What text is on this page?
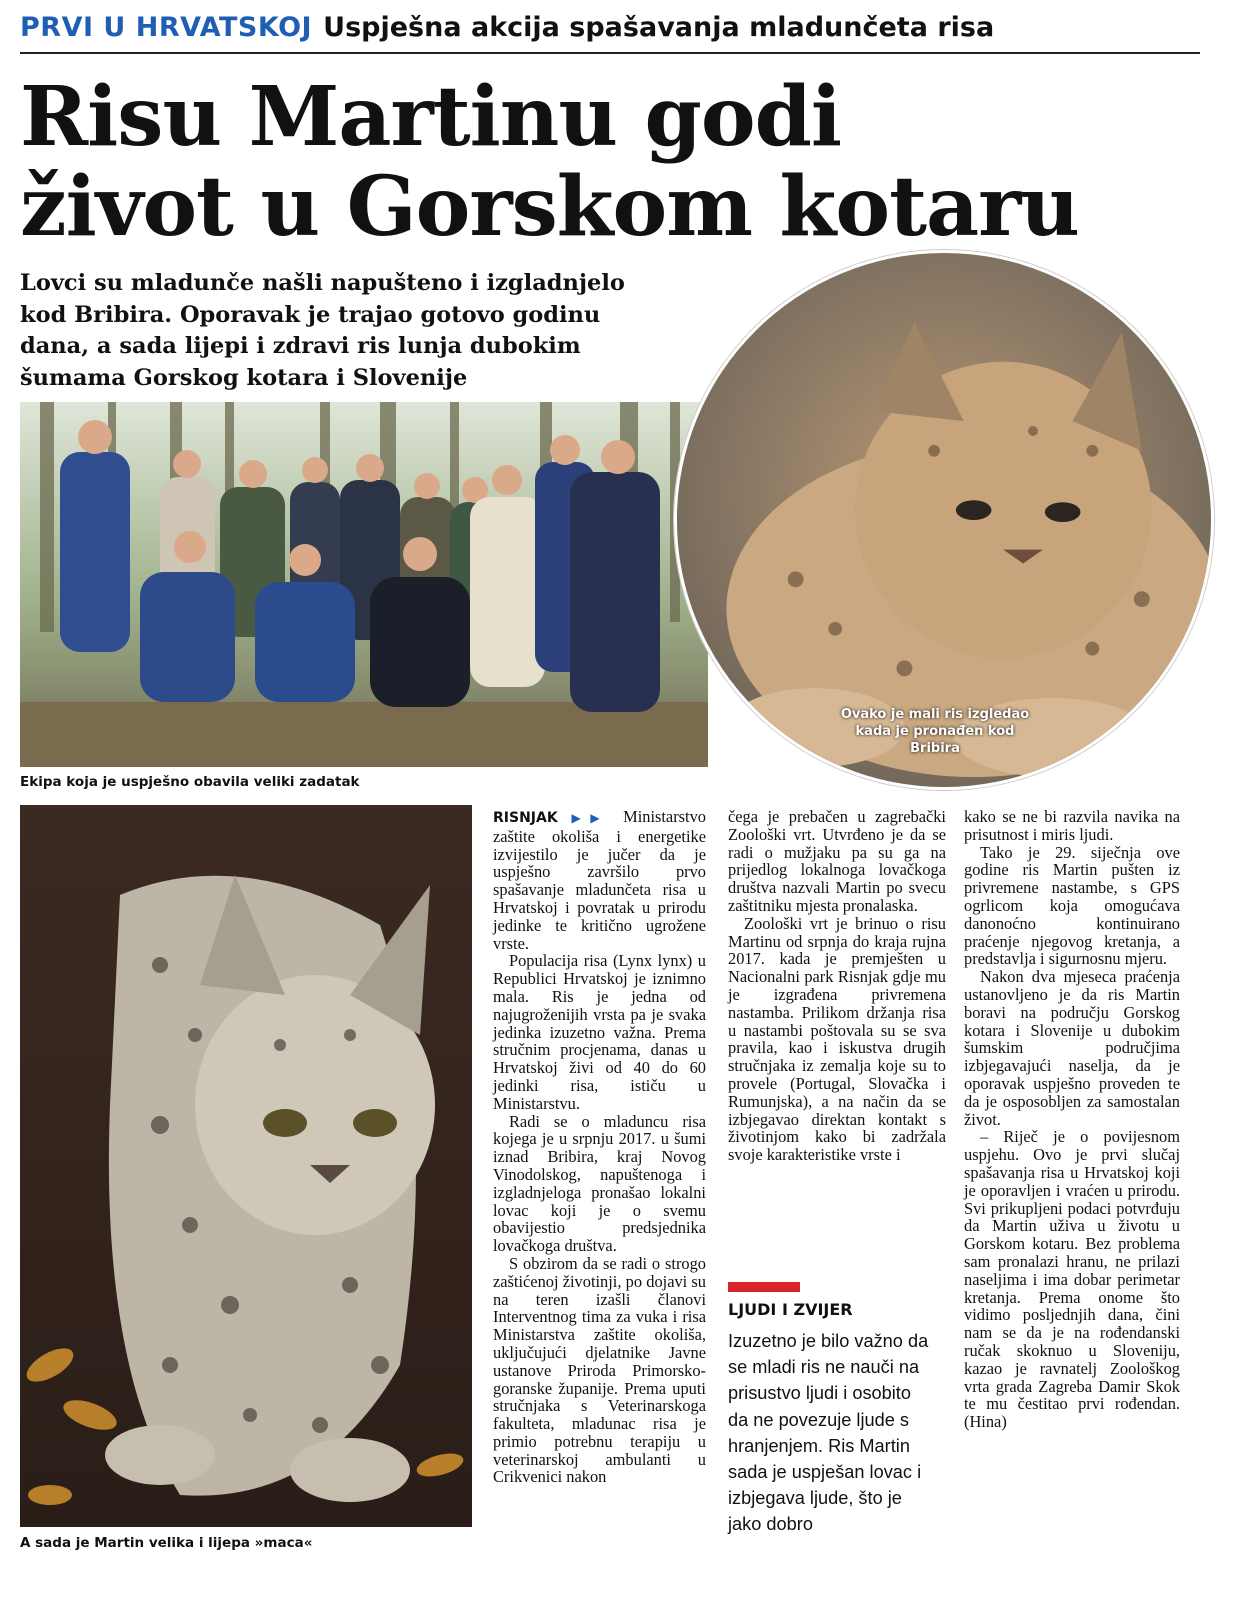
PRVI U HRVATSKOJ Uspješna akcija spašavanja mladunčeta risa
Risu Martinu godi
život u Gorskom kotaru
Lovci su mladunče našli napušteno i izgladnjelo
kod Bribira. Oporavak je trajao gotovo godinu
dana, a sada lijepi i zdravi ris lunja dubokim
šumama Gorskog kotara i Slovenije
Ekipa koja je uspješno obavila veliki zadatak
Ovako je mali ris izgledao kada je pronađen kod Bribira
A sada je Martin velika i lijepa »maca«

RISNJAK ▶▶ Ministarstvo zaštite okoliša i energetike izvijestilo je jučer da je uspješno završilo prvo spašavanje mladunčeta risa u Hrvatskoj i povratak u prirodu jedinke te kritično ugrožene vrste.

Populacija risa (Lynx lynx) u Republici Hrvatskoj je iznimno mala. Ris je jedna od najugroženijih vrsta pa je svaka jedinka izuzetno važna. Prema stručnim procjenama, danas u Hrvatskoj živi od 40 do 60 jedinki risa, ističu u Ministarstvu.

Radi se o mladuncu risa kojega je u srpnju 2017. u šumi iznad Bribira, kraj Novog Vinodolskog, napuštenoga i izgladnjeloga pronašao lokalni lovac koji je o svemu obavijestio predsjednika lovačkoga društva.

S obzirom da se radi o strogo zaštićenoj životinji, po dojavi su na teren izašli članovi Interventnog tima za vuka i risa Ministarstva zaštite okoliša, uključujući djelatnike Javne ustanove Priroda Primorsko-goranske županije. Prema uputi stručnjaka s Veterinarskoga fakulteta, mladunac risa je primio potrebnu terapiju u veterinarskoj ambulanti u Crikvenici nakon

čega je prebačen u zagrebački Zoološki vrt. Utvrđeno je da se radi o mužjaku pa su ga na prijedlog lokalnoga lovačkoga društva nazvali Martin po svecu zaštitniku mjesta pronalaska.

Zoološki vrt je brinuo o risu Martinu od srpnja do kraja rujna 2017. kada je premješten u Nacionalni park Risnjak gdje mu je izgrađena privremena nastamba. Prilikom držanja risa u nastambi poštovala su se sva pravila, kao i iskustva drugih stručnjaka iz zemalja koje su to provele (Portugal, Slovačka i Rumunjska), a na način da se izbjegavao direktan kontakt s životinjom kako bi zadržala svoje karakteristike vrste i

LJUDI I ZVIJER
Izuzetno je bilo važno da
se mladi ris ne nauči na
prisustvo ljudi i osobito
da ne povezuje ljude s
hranjenjem. Ris Martin
sada je uspješan lovac i
izbjegava ljude, što je
jako dobro

kako se ne bi razvila navika na prisutnost i miris ljudi.

Tako je 29. siječnja ove godine ris Martin pušten iz privremene nastambe, s GPS ogrlicom koja omogućava danonoćno kontinuirano praćenje njegovog kretanja, a predstavlja i sigurnosnu mjeru.

Nakon dva mjeseca praćenja ustanovljeno je da ris Martin boravi na području Gorskog kotara i Slovenije u dubokim šumskim područjima izbjegavajući naselja, da je oporavak uspješno proveden te da je osposobljen za samostalan život.

– Riječ je o povijesnom uspjehu. Ovo je prvi slučaj spašavanja risa u Hrvatskoj koji je oporavljen i vraćen u prirodu. Svi prikupljeni podaci potvrđuju da Martin uživa u životu u Gorskom kotaru. Bez problema sam pronalazi hranu, ne prilazi naseljima i ima dobar perimetar kretanja. Prema onome što vidimo posljednjih dana, čini nam se da je na rođendanski ručak skoknuo u Sloveniju, kazao je ravnatelj Zoološkog vrta grada Zagreba Damir Skok te mu čestitao prvi rođendan. (Hina)
